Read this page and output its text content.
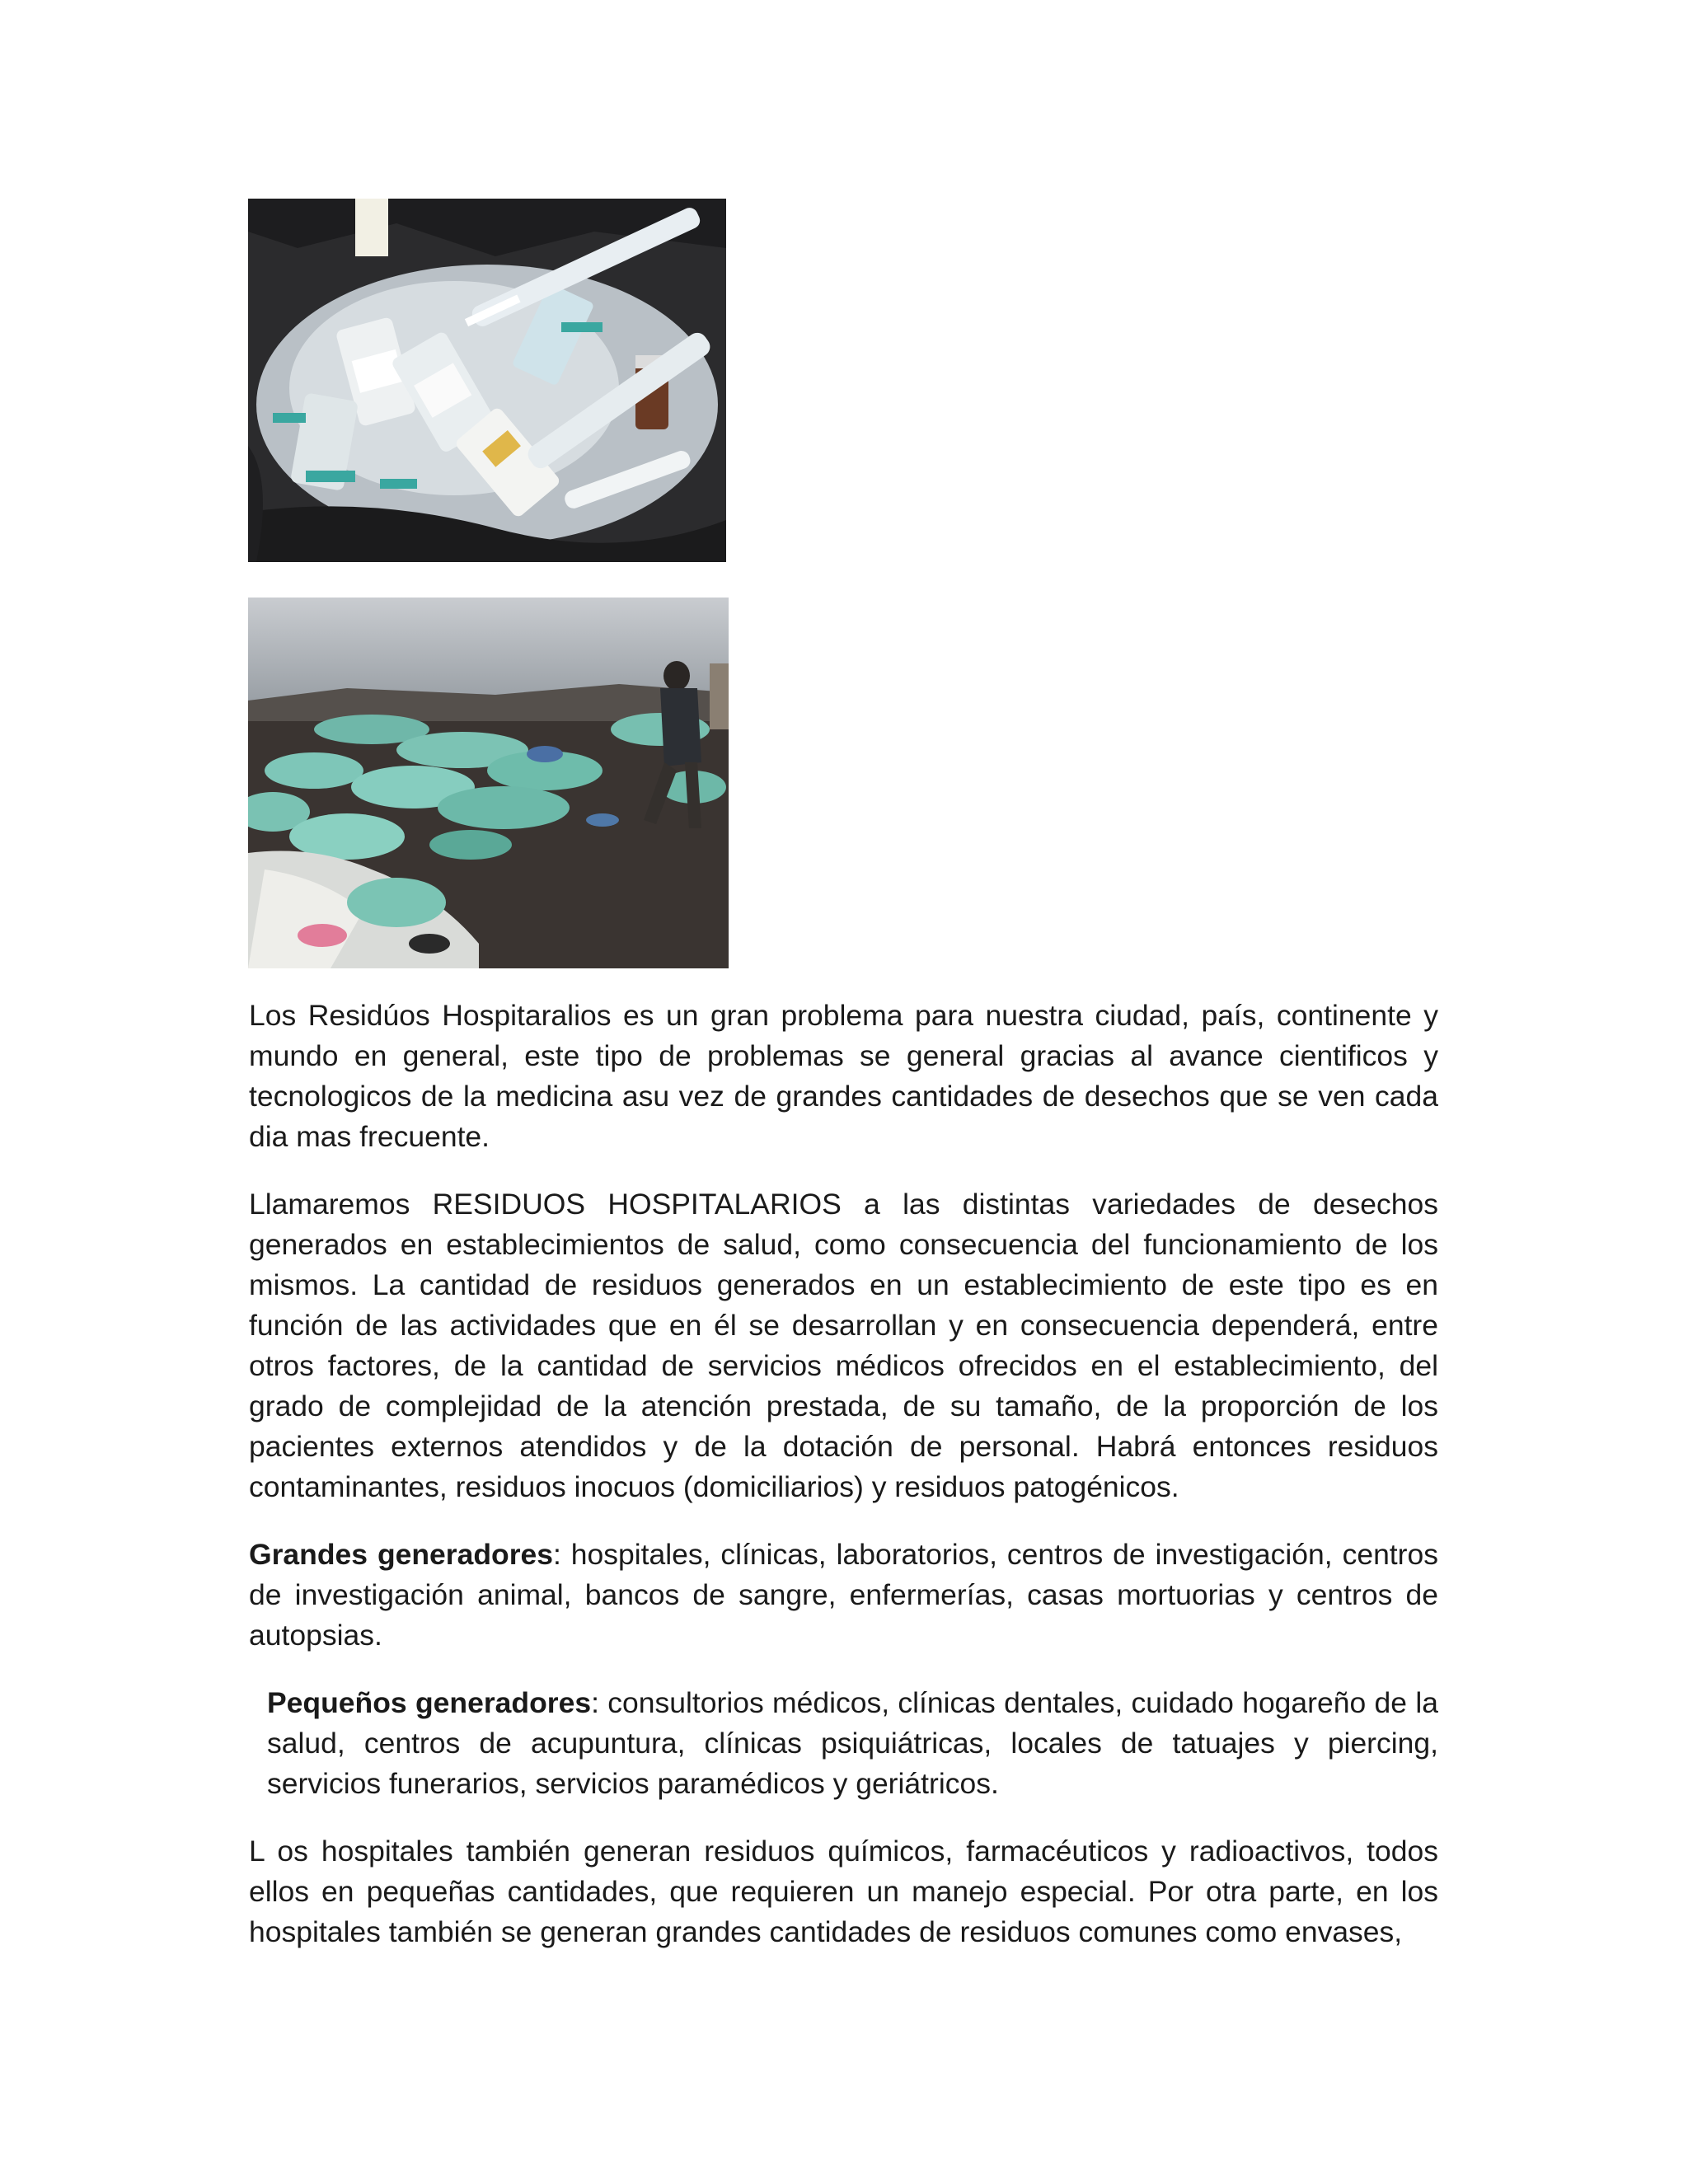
Los Residúos Hospitaralios es un gran problema para nuestra ciudad, país, continente y mundo en general, este tipo de problemas se general gracias al avance cientificos y tecnologicos de la medicina asu vez de grandes cantidades de desechos que se ven cada dia mas frecuente.

Llamaremos RESIDUOS HOSPITALARIOS a las distintas variedades de desechos generados en establecimientos de salud, como consecuencia del funcionamiento de los mismos. La cantidad de residuos generados en un establecimiento de este tipo es en función de las actividades que en él se desarrollan y en consecuencia dependerá, entre otros factores, de la cantidad de servicios médicos ofrecidos en el establecimiento, del grado de complejidad de la atención prestada, de su tamaño, de la proporción de los pacientes externos atendidos y de la dotación de personal. Habrá entonces residuos contaminantes, residuos inocuos (domiciliarios) y residuos patogénicos.

Grandes generadores: hospitales, clínicas, laboratorios, centros de investigación, centros de investigación animal, bancos de sangre, enfermerías, casas mortuorias y centros de autopsias.

Pequeños generadores: consultorios médicos, clínicas dentales, cuidado hogareño de la salud, centros de acupuntura, clínicas psiquiátricas, locales de tatuajes y piercing, servicios funerarios, servicios paramédicos y geriátricos.

L os hospitales también generan residuos químicos, farmacéuticos y radioactivos, todos ellos en pequeñas cantidades, que requieren un manejo especial. Por otra parte, en los hospitales también se generan grandes cantidades de residuos comunes como envases,
